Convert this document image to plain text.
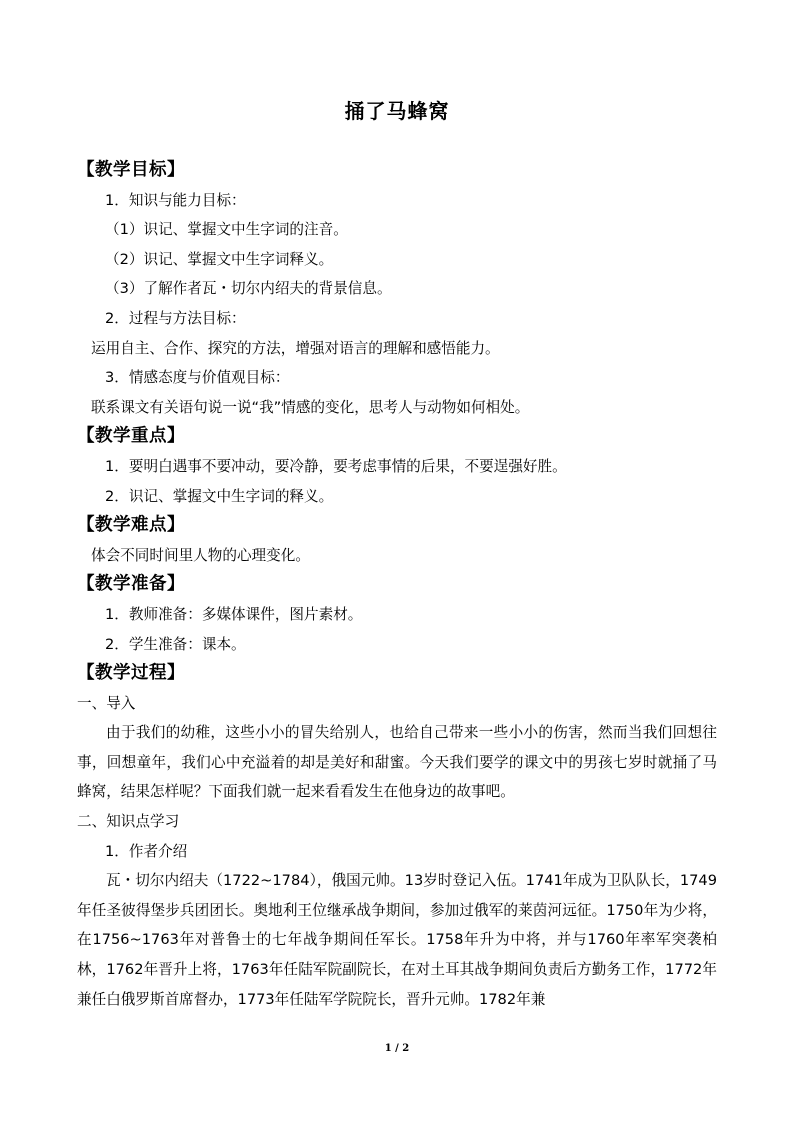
捅了马蜂窝
【教学目标】
1．知识与能力目标：
（1）识记、掌握文中生字词的注音。
（2）识记、掌握文中生字词释义。
（3）了解作者瓦・切尔内绍夫的背景信息。
2．过程与方法目标：
运用自主、合作、探究的方法，增强对语言的理解和感悟能力。
3．情感态度与价值观目标：
联系课文有关语句说一说“我”情感的变化，思考人与动物如何相处。
【教学重点】
1．要明白遇事不要冲动，要冷静，要考虑事情的后果，不要逞强好胜。
2．识记、掌握文中生字词的释义。
【教学难点】
体会不同时间里人物的心理变化。
【教学准备】
1．教师准备：多媒体课件，图片素材。
2．学生准备：课本。
【教学过程】
一、导入
由于我们的幼稚，这些小小的冒失给别人，也给自己带来一些小小的伤害，然而当我们回想往事，回想童年，我们心中充溢着的却是美好和甜蜜。今天我们要学的课文中的男孩七岁时就捅了马蜂窝，结果怎样呢？下面我们就一起来看看发生在他身边的故事吧。
二、知识点学习
1．作者介绍
瓦・切尔内绍夫（1722~1784），俄国元帅。13岁时登记入伍。1741年成为卫队队长，1749年任圣彼得堡步兵团团长。奥地利王位继承战争期间，参加过俄军的莱茵河远征。1750年为少将，在1756~1763年对普鲁士的七年战争期间任军长。1758年升为中将，并与1760年率军突袭柏林，1762年晋升上将，1763年任陆军院副院长，在对土耳其战争期间负责后方勤务工作，1772年兼任白俄罗斯首席督办，1773年任陆军学院院长，晋升元帅。1782年兼
1 / 2
